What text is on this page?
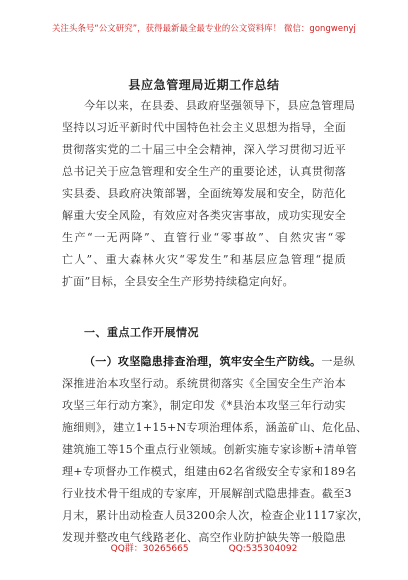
关注头条号“公文研究”，获得最新最全最专业的公文资料库！ 微信：gongwenyj
县应急管理局近期工作总结
今年以来，在县委、县政府坚强领导下，县应急管理局
坚持以习近平新时代中国特色社会主义思想为指导，全面
贯彻落实党的二十届三中全会精神，深入学习贯彻习近平
总书记关于应急管理和安全生产的重要论述，认真贯彻落
实县委、县政府决策部署，全面统筹发展和安全，防范化
解重大安全风险，有效应对各类灾害事故，成功实现安全
生产“一无两降”、直管行业“零事故”、自然灾害“零
亡人”、重大森林火灾“零发生”和基层应急管理“提质
扩面”目标，全县安全生产形势持续稳定向好。
一、重点工作开展情况
（一）攻坚隐患排查治理，筑牢安全生产防线。一是纵
深推进治本攻坚行动。系统贯彻落实《全国安全生产治本
攻坚三年行动方案》，制定印发《*县治本攻坚三年行动实
施细则》，建立1+15+N专项治理体系，涵盖矿山、危化品、
建筑施工等15个重点行业领域。创新实施专家诊断+清单管
理+专项督办工作模式，组建由62名省级安全专家和189名
行业技术骨干组成的专家库，开展解剖式隐患排查。截至3
月末，累计出动检查人员3200余人次，检查企业1117家次，
发现并整改电气线路老化、高空作业防护缺失等一般隐患
QQ群：30265665	QQ:535304092
